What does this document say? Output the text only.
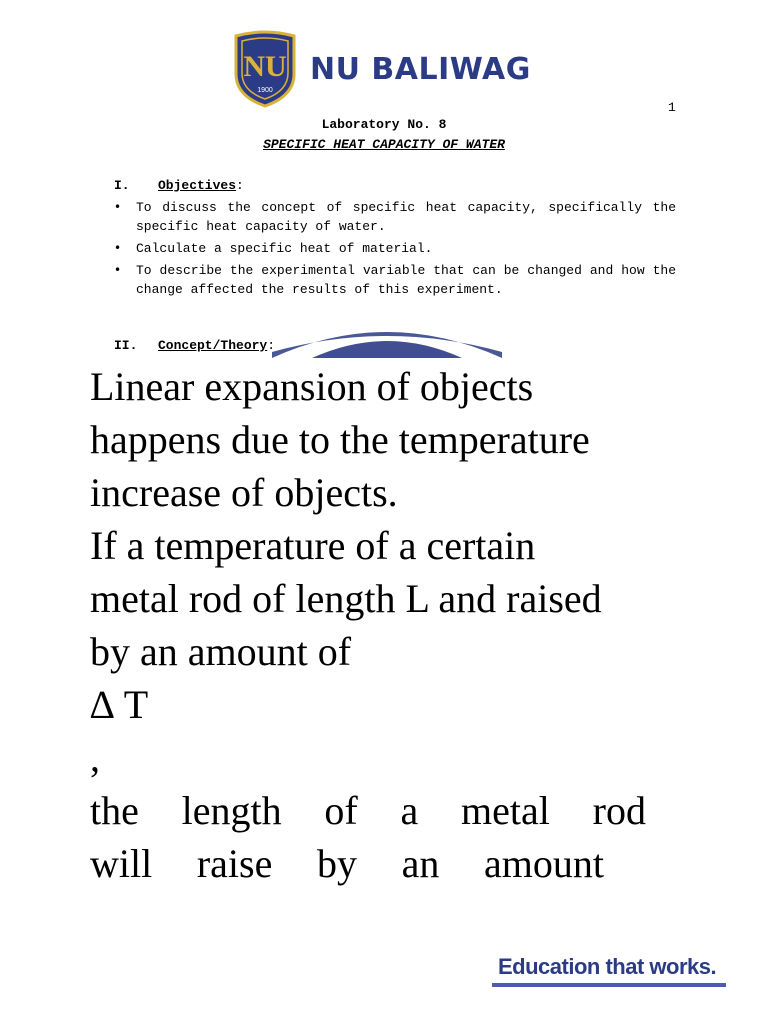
NU
1900
NU BALIWAG
1
Laboratory No. 8
SPECIFIC HEAT CAPACITY OF WATER
I. Objectives:
• To discuss the concept of specific heat capacity, specifically the specific heat capacity of water.
• Calculate a specific heat of material.
• To describe the experimental variable that can be changed and how the change affected the results of this experiment.
II. Concept/Theory:
Linear expansion of objects
happens due to the temperature
increase of objects.
If a temperature of a certain
metal rod of length L and raised
by an amount of
∆ T
,
the length of a metal rod
will raise by an amount
Education that works.
